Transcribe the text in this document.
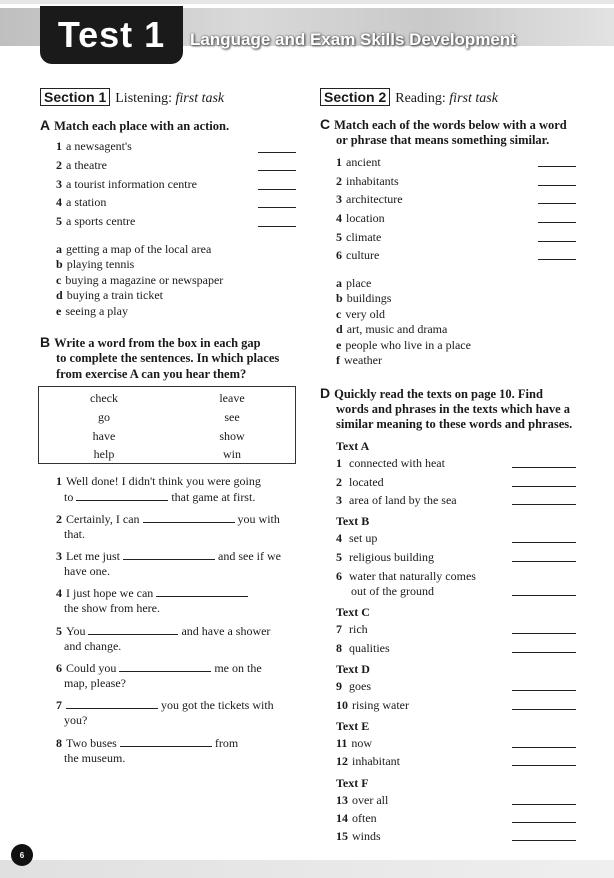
Test 1	Language and Exam Skills Development
Section 1 Listening: first task	Section 2 Reading: first task
A Match each place with an action.
1 a newsagent's
2 a theatre
3 a tourist information centre
4 a station
5 a sports centre
a getting a map of the local area
b playing tennis
c buying a magazine or newspaper
d buying a train ticket
e seeing a play
B Write a word from the box in each gap
to complete the sentences. In which places
from exercise A can you hear them?
check	leave
go	see
have	show
help	win
1 Well done! I didn't think you were going
to	that game at first.
2 Certainly, I can	you with
that.
3 Let me just	and see if we
have one.
4 I just hope we can
the show from here.
5 You	and have a shower
and change.
6 Could you	me on the
map, please?
7	you got the tickets with
you?
8 Two buses	from
the museum.
C Match each of the words below with a word
or phrase that means something similar.
1 ancient
2 inhabitants
3 architecture
4 location
5 climate
6 culture
a place
b buildings
c very old
d art, music and drama
e people who live in a place
f weather
D Quickly read the texts on page 10. Find
words and phrases in the texts which have a
similar meaning to these words and phrases.
Text A
1 connected with heat
2 located
3 area of land by the sea
Text B
4 set up
5 religious building
6 water that naturally comes
out of the ground
Text C
7 rich
8 qualities
Text D
9 goes
10 rising water
Text E
11 now
12 inhabitant
Text F
13 over all
14 often
15 winds
6
